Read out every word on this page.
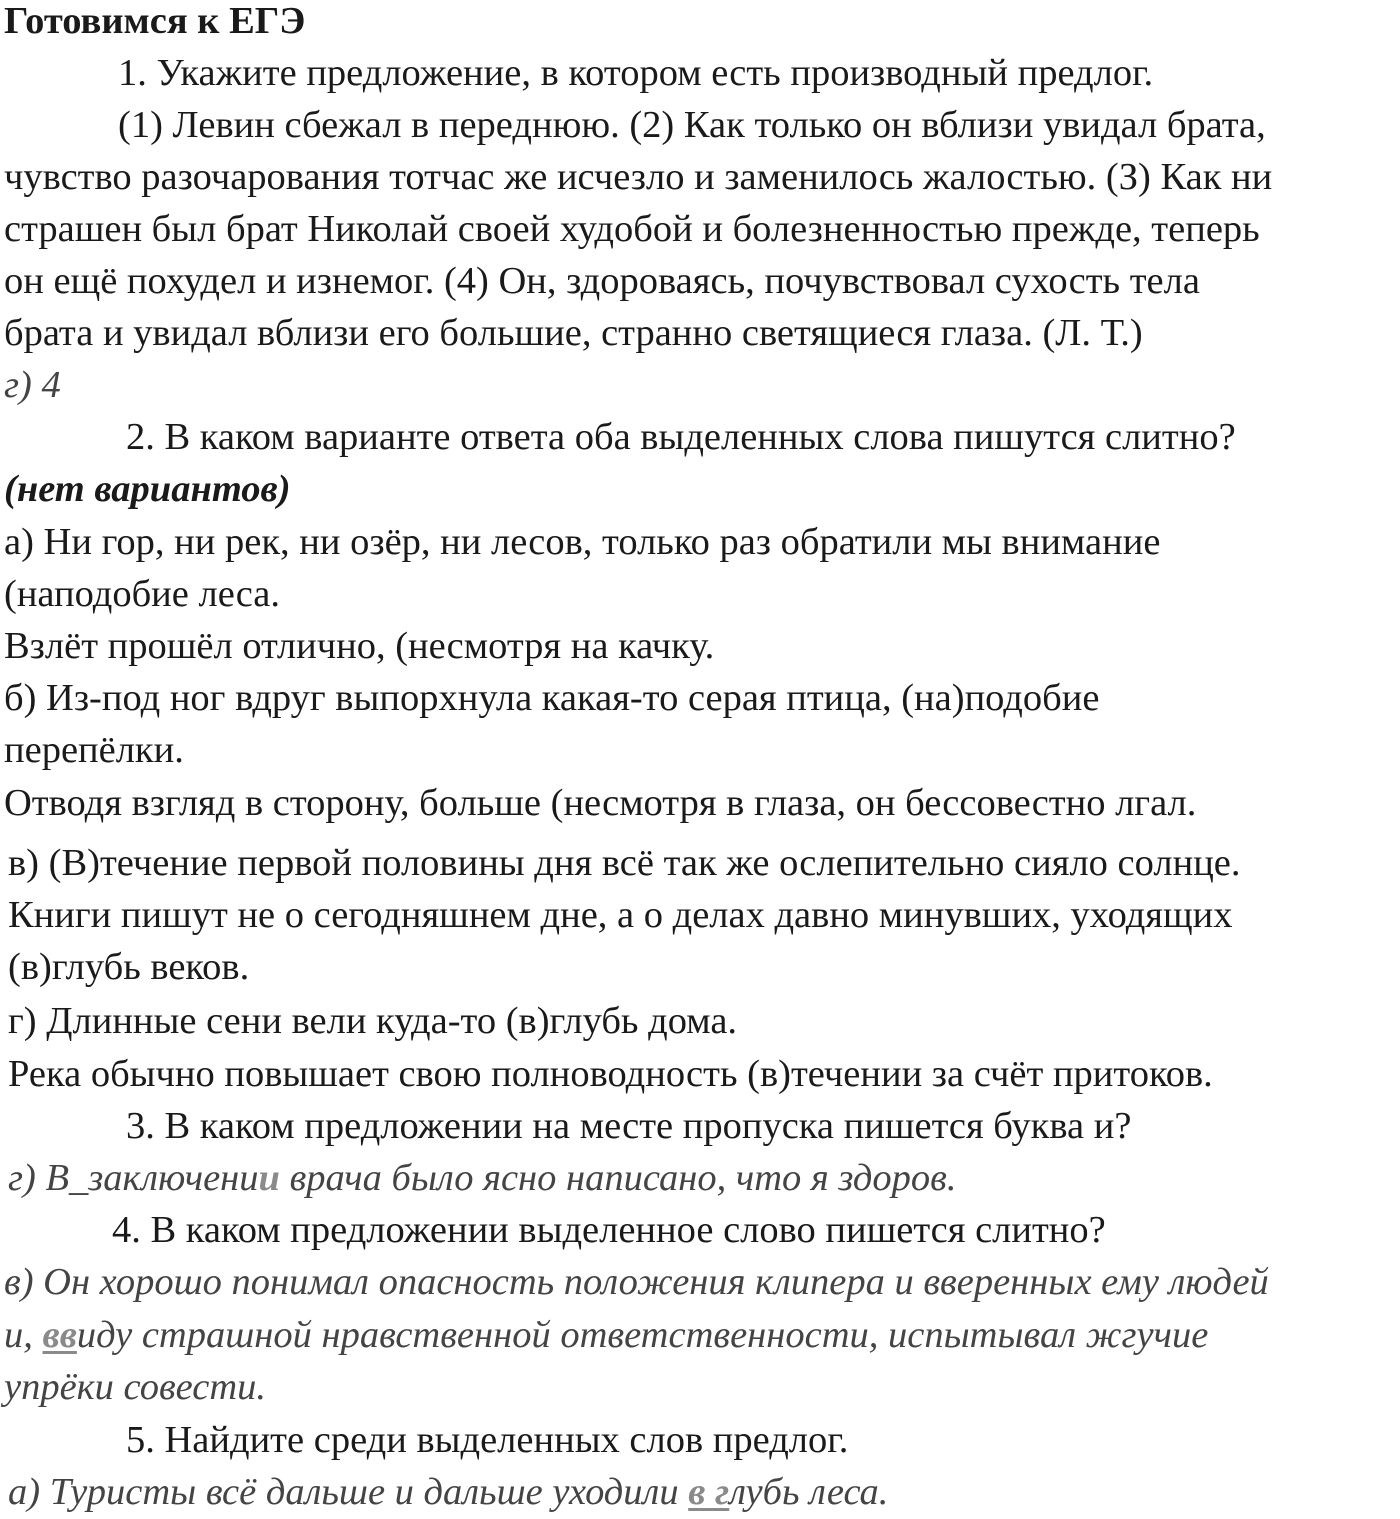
Готовимся к ЕГЭ
1. Укажите предложение, в котором есть производный предлог.
(1) Левин сбежал в переднюю. (2) Как только он вблизи увидал брата,
чувство разочарования тотчас же исчезло и заменилось жалостью. (З) Как ни
страшен был брат Николай своей худобой и болезненностью прежде, теперь
он ещё похудел и изнемог. (4) Он, здороваясь, почувствовал сухость тела
брата и увидал вблизи его большие, странно светящиеся глаза. (Л. Т.)
г) 4
2. В каком варианте ответа оба выделенных слова пишутся слитно?
(нет вариантов)
а) Ни гор, ни рек, ни озёр, ни лесов, только раз обратили мы внимание
(наподобие леса.
Взлёт прошёл отлично, (несмотря на качку.
б) Из-под ног вдруг выпорхнула какая-то серая птица, (на)подобие
перепёлки.
Отводя взгляд в сторону, больше (несмотря в глаза, он бессовестно лгал.
в) (В)течение первой половины дня всё так же ослепительно сияло солнце.
Книги пишут не о сегодняшнем дне, а о делах давно минувших, уходящих
(в)глубь веков.
г) Длинные сени вели куда-то (в)глубь дома.
Река обычно повышает свою полноводность (в)течении за счёт притоков.
3. В каком предложении на месте пропуска пишется буква и?
г) В_заключении врача было ясно написано, что я здоров.
4. В каком предложении выделенное слово пишется слитно?
в) Он хорошо понимал опасность положения клипера и вверенных ему людей
и, ввиду страшной нравственной ответственности, испытывал жгучие
упрёки совести.
5. Найдите среди выделенных слов предлог.
а) Туристы всё дальше и дальше уходили в глубь леса.
